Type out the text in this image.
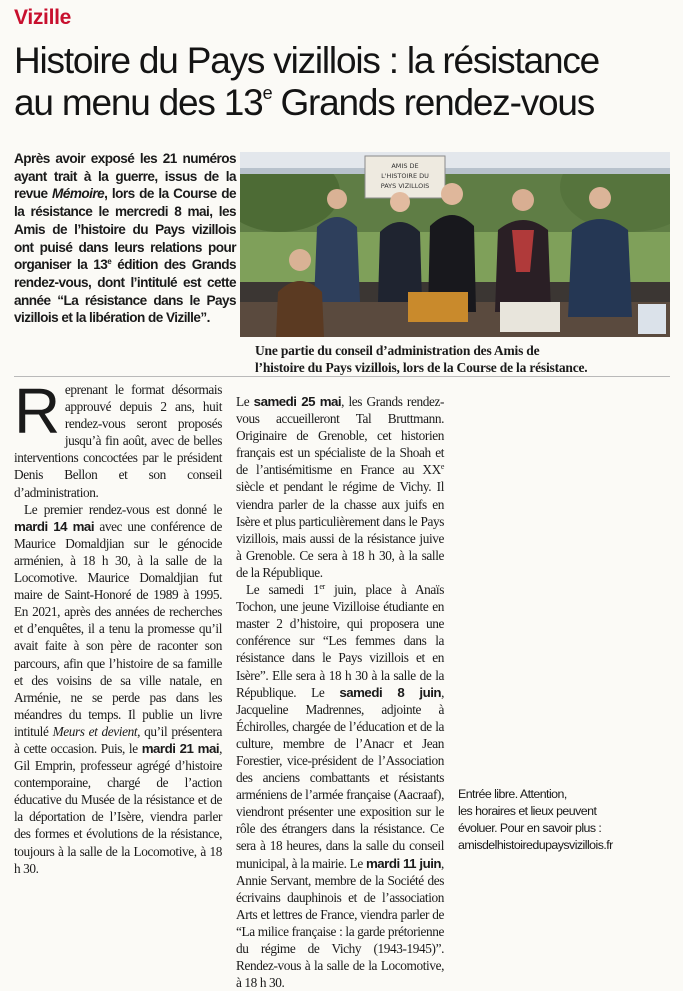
Vizille
Histoire du Pays vizillois : la résistance
au menu des 13e Grands rendez-vous

Après avoir exposé les 21 numéros ayant trait à la guerre, issus de la revue Mémoire, lors de la Course de la résistance le mercredi 8 mai, les Amis de l’histoire du Pays vizillois ont puisé dans leurs relations pour organiser la 13e édition des Grands rendez-vous, dont l’intitulé est cette année “La résistance dans le Pays vizillois et la libération de Vizille”.

AMIS DE
L'HISTOIRE DU
PAYS VIZILLOIS

Une partie du conseil d’administration des Amis de
l’histoire du Pays vizillois, lors de la Course de la résistance.

Reprenant le format désormais approuvé depuis 2 ans, huit rendez-vous seront proposés jusqu’à fin août, avec de belles interventions concoctées par le président Denis Bellon et son conseil d’administration.

Le premier rendez-vous est donné le mardi 14 mai avec une conférence de Maurice Domaldjian sur le génocide arménien, à 18 h 30, à la salle de la Locomotive. Maurice Domaldjian fut maire de Saint-Honoré de 1989 à 1995. En 2021, après des années de recherches et d’enquêtes, il a tenu la promesse qu’il avait faite à son père de raconter son parcours, afin que l’histoire de sa famille et des voisins de sa ville natale, en Arménie, ne se perde pas dans les méandres du temps. Il publie un livre intitulé Meurs et devient, qu’il présentera à cette occasion. Puis, le mardi 21 mai, Gil Emprin, professeur agrégé d’histoire contemporaine, chargé de l’action éducative du Musée de la résistance et de la déportation de l’Isère, viendra parler des formes et évolutions de la résistance, toujours à la salle de la Locomotive, à 18 h 30.

Le samedi 25 mai, les Grands rendez-vous accueilleront Tal Bruttmann. Originaire de Grenoble, cet historien français est un spécialiste de la Shoah et de l’antisémitisme en France au XXe siècle et pendant le régime de Vichy. Il viendra parler de la chasse aux juifs en Isère et plus particulièrement dans le Pays vizillois, mais aussi de la résistance juive à Grenoble. Ce sera à 18 h 30, à la salle de la République.

Le samedi 1er juin, place à Anaïs Tochon, une jeune Vizilloise étudiante en master 2 d’histoire, qui proposera une conférence sur “Les femmes dans la résistance dans le Pays vizillois et en Isère”. Elle sera à 18 h 30 à la salle de la République. Le samedi 8 juin, Jacqueline Madrennes, adjointe à Échirolles, chargée de l’éducation et de la culture, membre de l’Anacr et Jean Forestier, vice-président de l’Association des anciens combattants et résistants arméniens de l’armée française (Aacraaf), viendront présenter une exposition sur le rôle des étrangers dans la résistance. Ce sera à 18 heures, dans la salle du conseil municipal, à la mairie. Le mardi 11 juin, Annie Servant, membre de la Société des écrivains dauphinois et de l’association Arts et lettres de France, viendra parler de “La milice française : la garde prétorienne du régime de Vichy (1943-1945)”. Rendez-vous à la salle de la Locomotive, à 18 h 30.

Entrée libre. Attention,
les horaires et lieux peuvent
évoluer. Pour en savoir plus :
amisdelhistoiredupaysvizillois.fr
